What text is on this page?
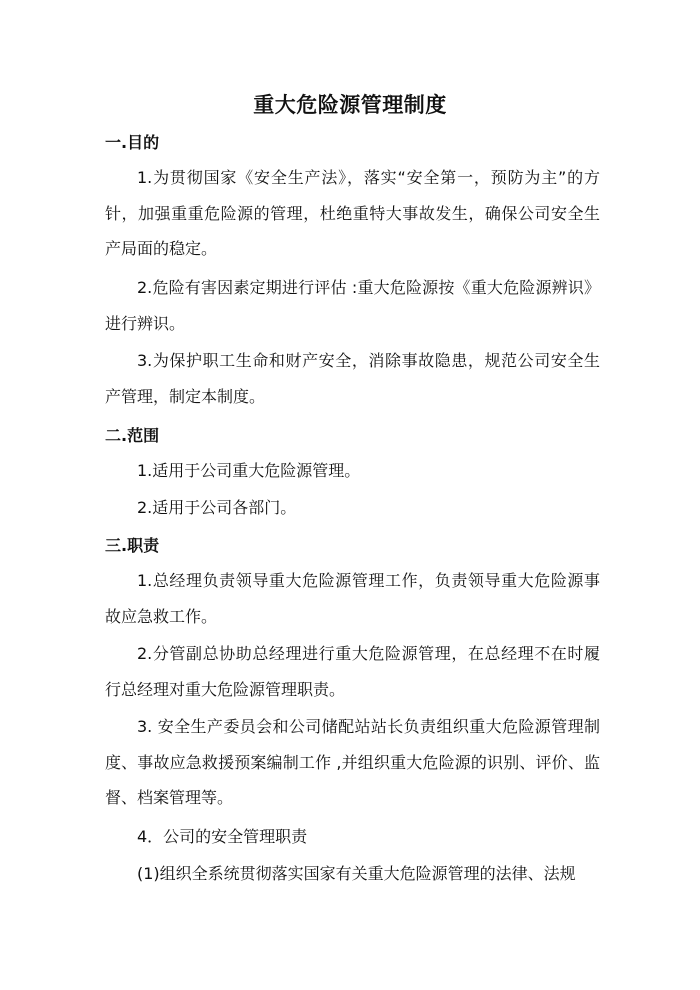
重大危险源管理制度
一.目的
1.为贯彻国家《安全生产法》，落实“安全第一，预防为主”的方针，加强重重危险源的管理，杜绝重特大事故发生，确保公司安全生产局面的稳定。
2.危险有害因素定期进行评估 :重大危险源按《重大危险源辨识》进行辨识。
3.为保护职工生命和财产安全，消除事故隐患，规范公司安全生产管理，制定本制度。
二.范围
1.适用于公司重大危险源管理。
2.适用于公司各部门。
三.职责
1.总经理负责领导重大危险源管理工作，负责领导重大危险源事故应急救工作。
2.分管副总协助总经理进行重大危险源管理，在总经理不在时履行总经理对重大危险源管理职责。
3. 安全生产委员会和公司储配站站长负责组织重大危险源管理制度、事故应急救援预案编制工作 ,并组织重大危险源的识别、评价、监督、档案管理等。
4．公司的安全管理职责
(1)组织全系统贯彻落实国家有关重大危险源管理的法律、法规
